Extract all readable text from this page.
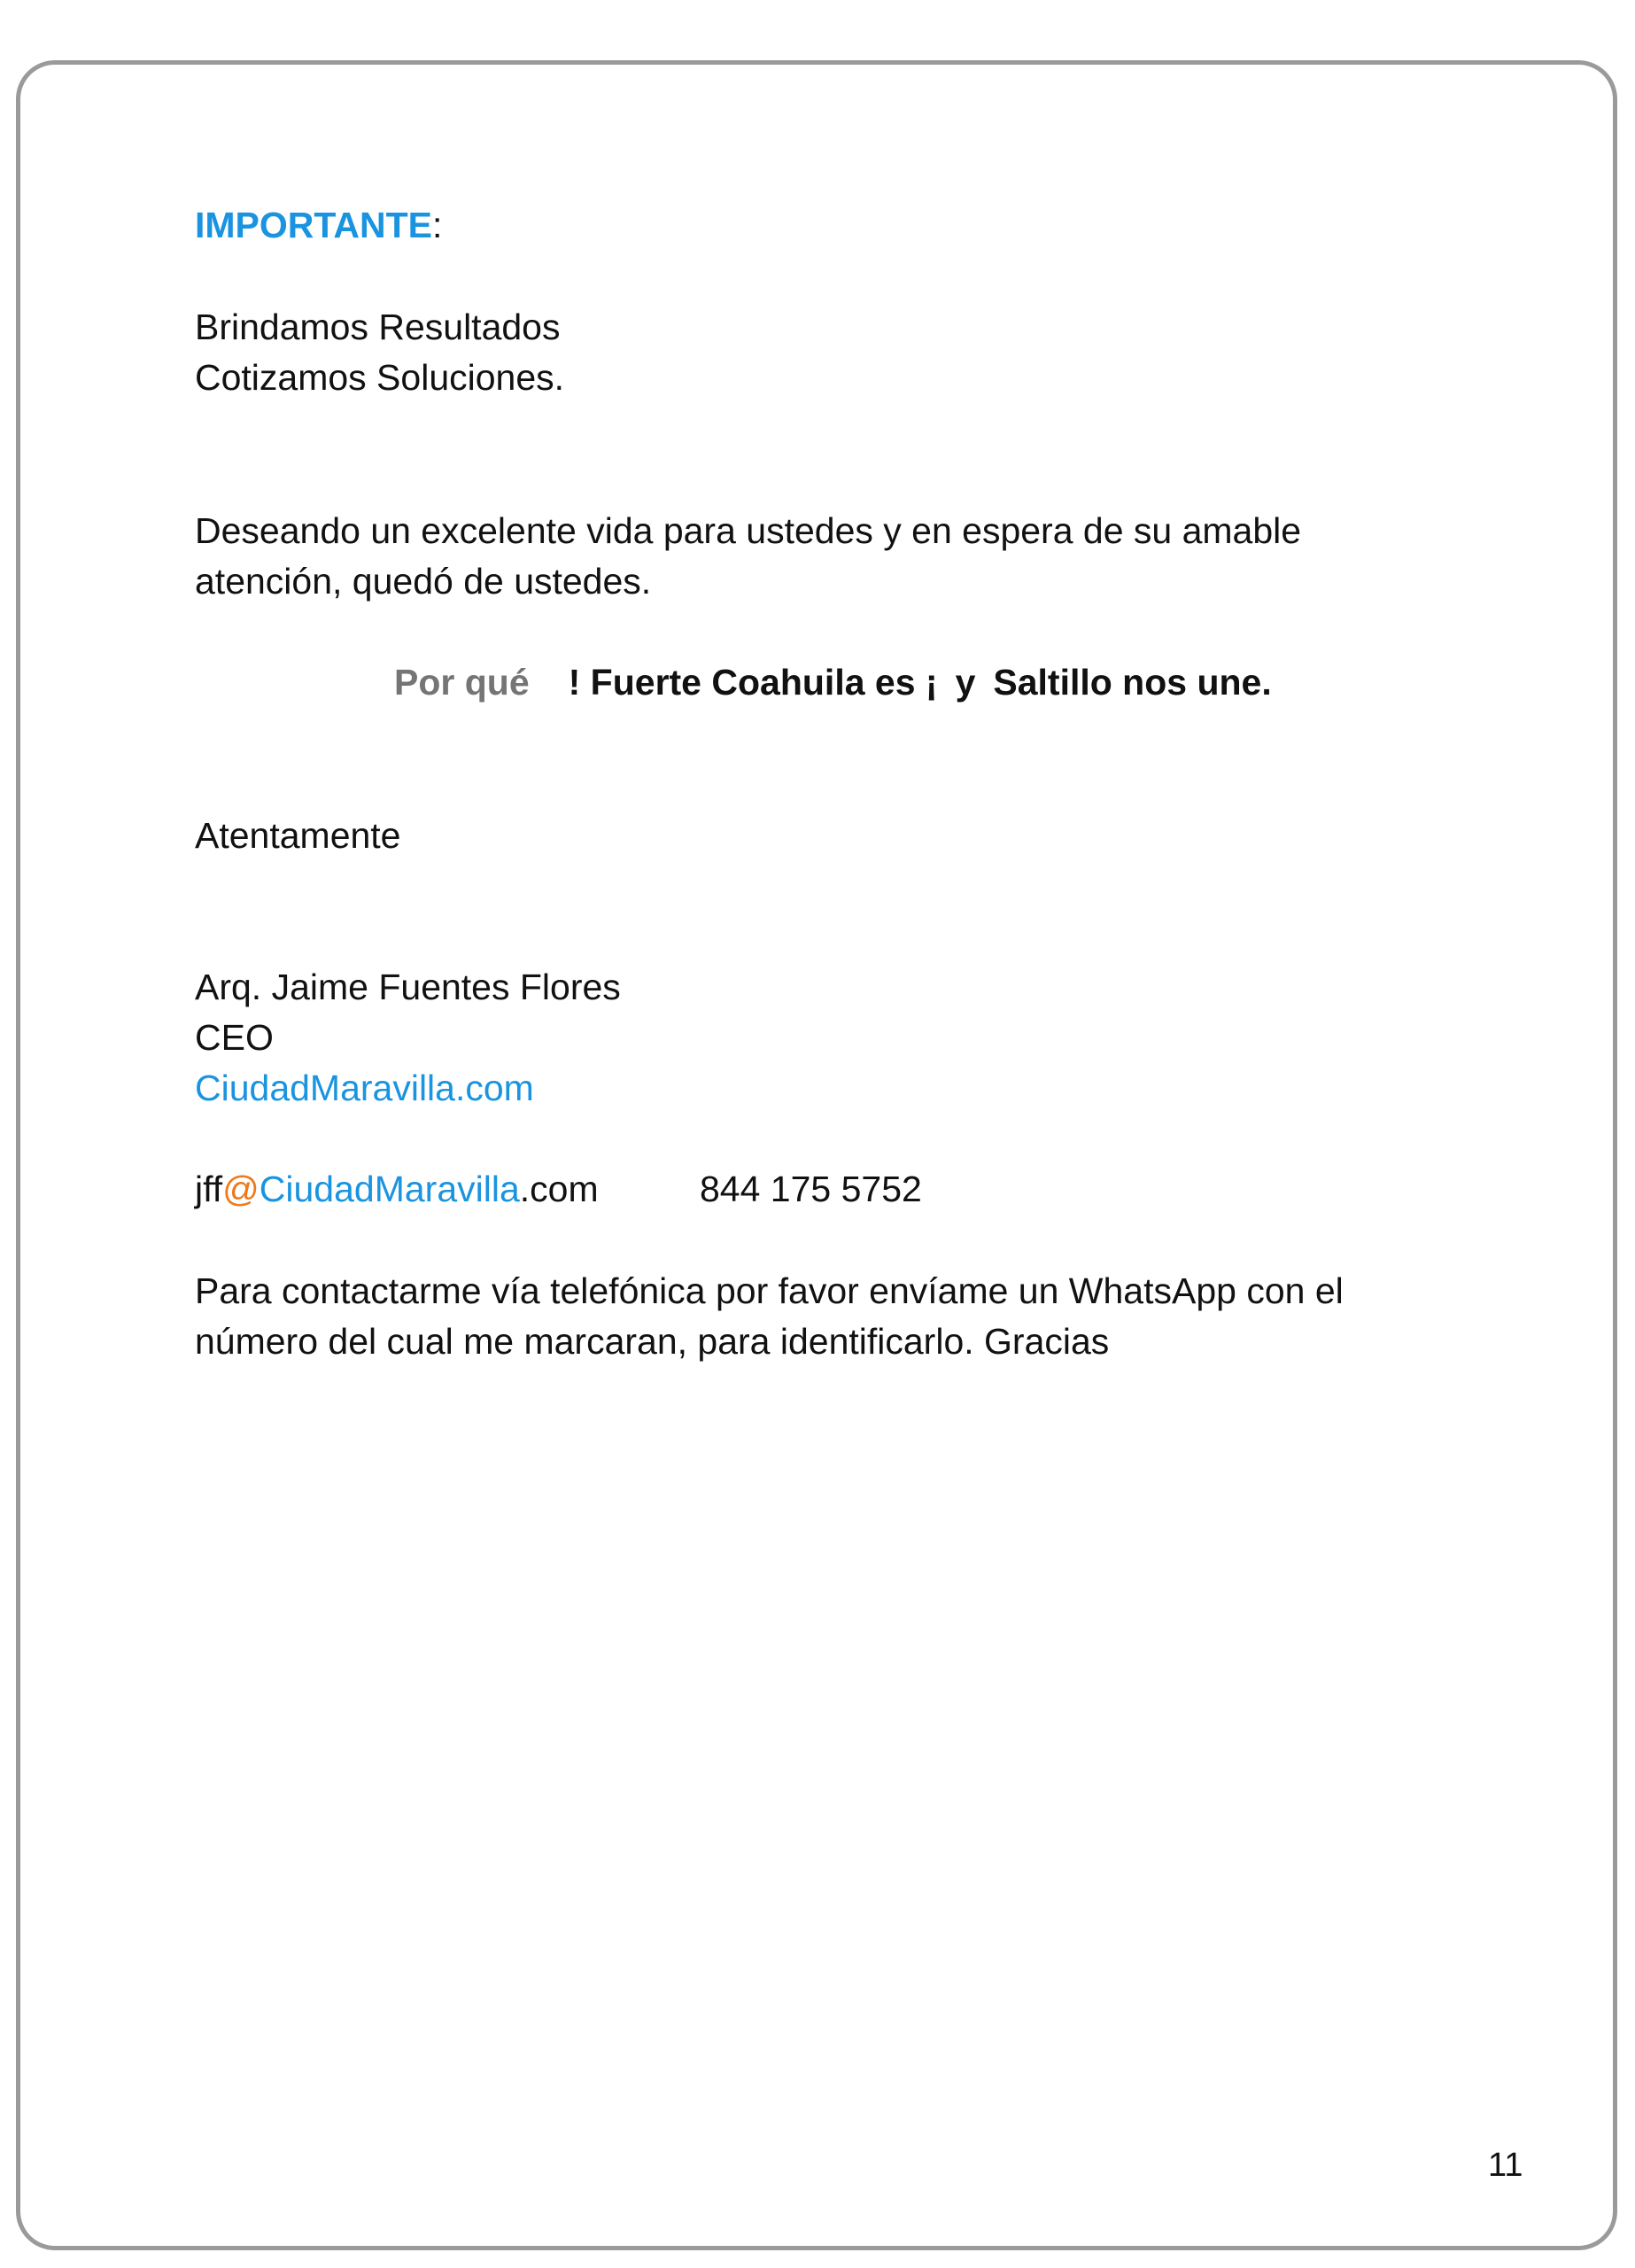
IMPORTANTE:
Brindamos Resultados
Cotizamos Soluciones.
Deseando un excelente vida para ustedes y en espera de su amable
atención, quedó de ustedes.
Por qué ! Fuerte Coahuila es ¡ y Saltillo nos une.
Atentamente
Arq. Jaime Fuentes Flores
CEO
CiudadMaravilla.com
jff@CiudadMaravilla.com	844 175 5752
Para contactarme vía telefónica por favor envíame un WhatsApp con el
número del cual me marcaran, para identificarlo. Gracias
11
